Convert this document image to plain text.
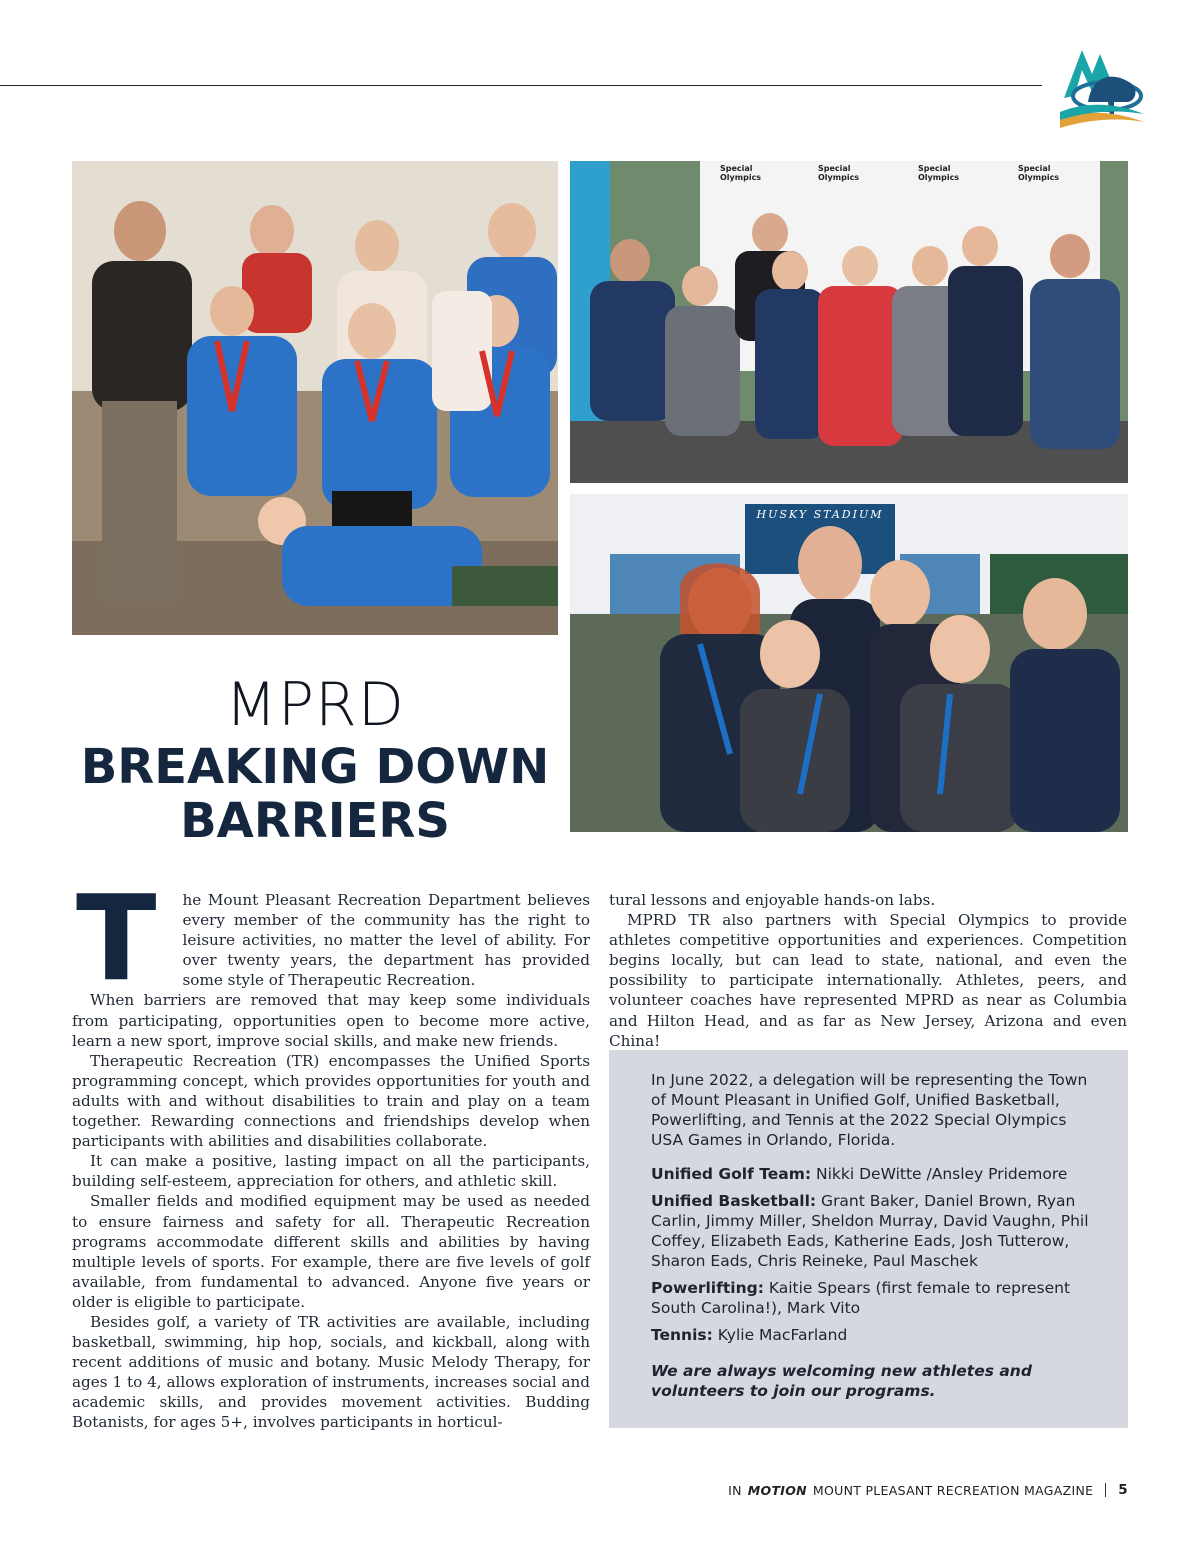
Special	Special	Special	Special
Olympics	Olympics	Olympics	Olympics
HUSKY STADIUM
MPRD
BREAKING DOWN
BARRIERS

T he Mount Pleasant Recreation Department believes every member of the community has the right to leisure activities, no matter the level of ability. For over twenty years, the department has provided some style of Therapeutic Recreation.

When barriers are removed that may keep some individuals from participating, opportunities open to become more active, learn a new sport, improve social skills, and make new friends.

Therapeutic Recreation (TR) encompasses the Unified Sports programming concept, which provides opportunities for youth and adults with and without disabilities to train and play on a team together. Rewarding connections and friendships develop when participants with abilities and disabilities collaborate.

It can make a positive, lasting impact on all the participants, building self-esteem, appreciation for others, and athletic skill.

Smaller fields and modified equipment may be used as needed to ensure fairness and safety for all. Therapeutic Recreation programs accommodate different skills and abilities by having multiple levels of sports. For example, there are five levels of golf available, from fundamental to advanced. Anyone five years or older is eligible to participate.

Besides golf, a variety of TR activities are available, including basketball, swimming, hip hop, socials, and kickball, along with recent additions of music and botany. Music Melody Therapy, for ages 1 to 4, allows exploration of instruments, increases social and academic skills, and provides movement activities. Budding Botanists, for ages 5+, involves participants in horticul-

tural lessons and enjoyable hands-on labs.

MPRD TR also partners with Special Olympics to provide athletes competitive opportunities and experiences. Competition begins locally, but can lead to state, national, and even the possibility to participate internationally. Athletes, peers, and volunteer coaches have represented MPRD as near as Columbia and Hilton Head, and as far as New Jersey, Arizona and even China!

In June 2022, a delegation will be representing the Town of Mount Pleasant in Unified Golf, Unified Basketball, Powerlifting, and Tennis at the 2022 Special Olympics USA Games in Orlando, Florida.

Unified Golf Team: Nikki DeWitte /Ansley Pridemore

Unified Basketball: Grant Baker, Daniel Brown, Ryan Carlin, Jimmy Miller, Sheldon Murray, David Vaughn, Phil Coffey, Elizabeth Eads, Katherine Eads, Josh Tutterow, Sharon Eads, Chris Reineke, Paul Maschek

Powerlifting: Kaitie Spears (first female to represent South Carolina!), Mark Vito

Tennis: Kylie MacFarland

We are always welcoming new athletes and volunteers to join our programs.

IN MOTION MOUNT PLEASANT RECREATION MAGAZINE 5
